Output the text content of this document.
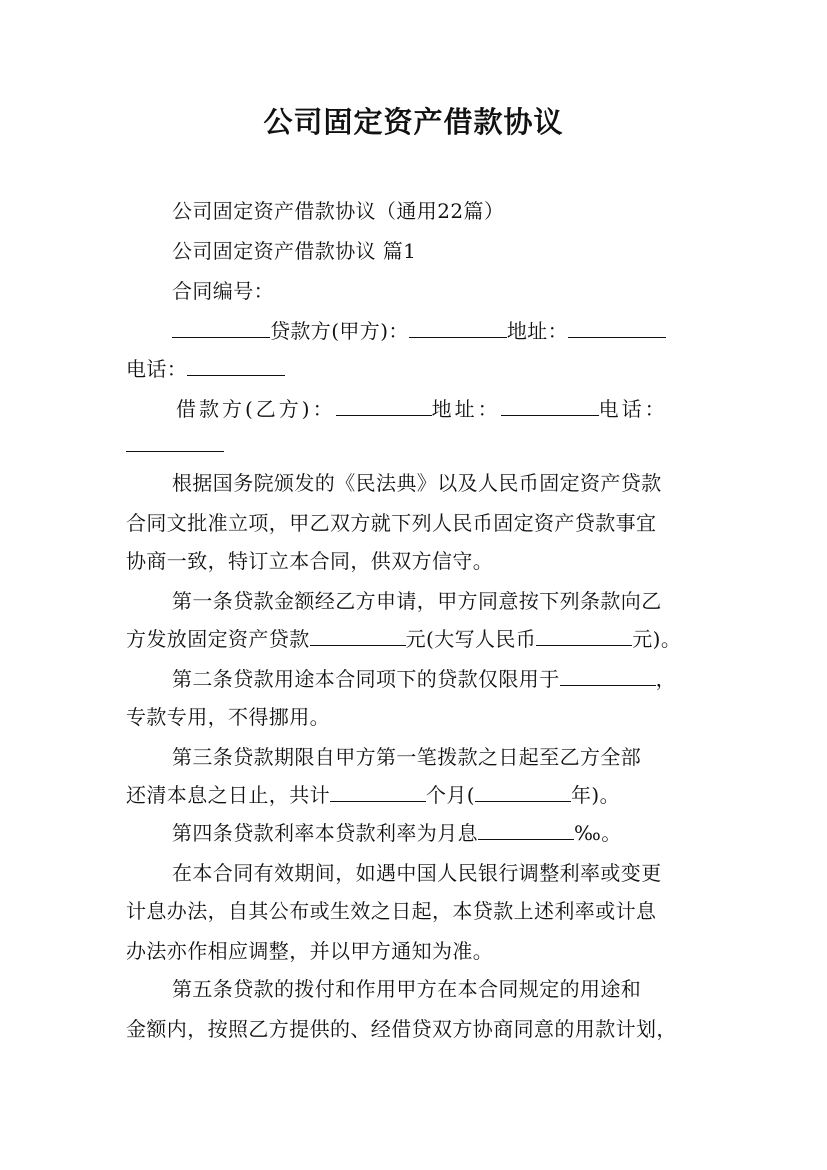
公司固定资产借款协议
公司固定资产借款协议（通用22篇）
公司固定资产借款协议 篇1
合同编号：
贷款方(甲方)：	地址：
电话：
借款方(乙方)：	地址：	电话：
根据国务院颁发的《民法典》以及人民币固定资产贷款
合同文批准立项，甲乙双方就下列人民币固定资产贷款事宜
协商一致，特订立本合同，供双方信守。
第一条贷款金额经乙方申请，甲方同意按下列条款向乙
方发放固定资产贷款	元(大写人民币	元)。
第二条贷款用途本合同项下的贷款仅限用于	，
专款专用，不得挪用。
第三条贷款期限自甲方第一笔拨款之日起至乙方全部
还清本息之日止，共计	个月(	年)。
第四条贷款利率本贷款利率为月息	‰。
在本合同有效期间，如遇中国人民银行调整利率或变更
计息办法，自其公布或生效之日起，本贷款上述利率或计息
办法亦作相应调整，并以甲方通知为准。
第五条贷款的拨付和作用甲方在本合同规定的用途和
金额内，按照乙方提供的、经借贷双方协商同意的用款计划，
